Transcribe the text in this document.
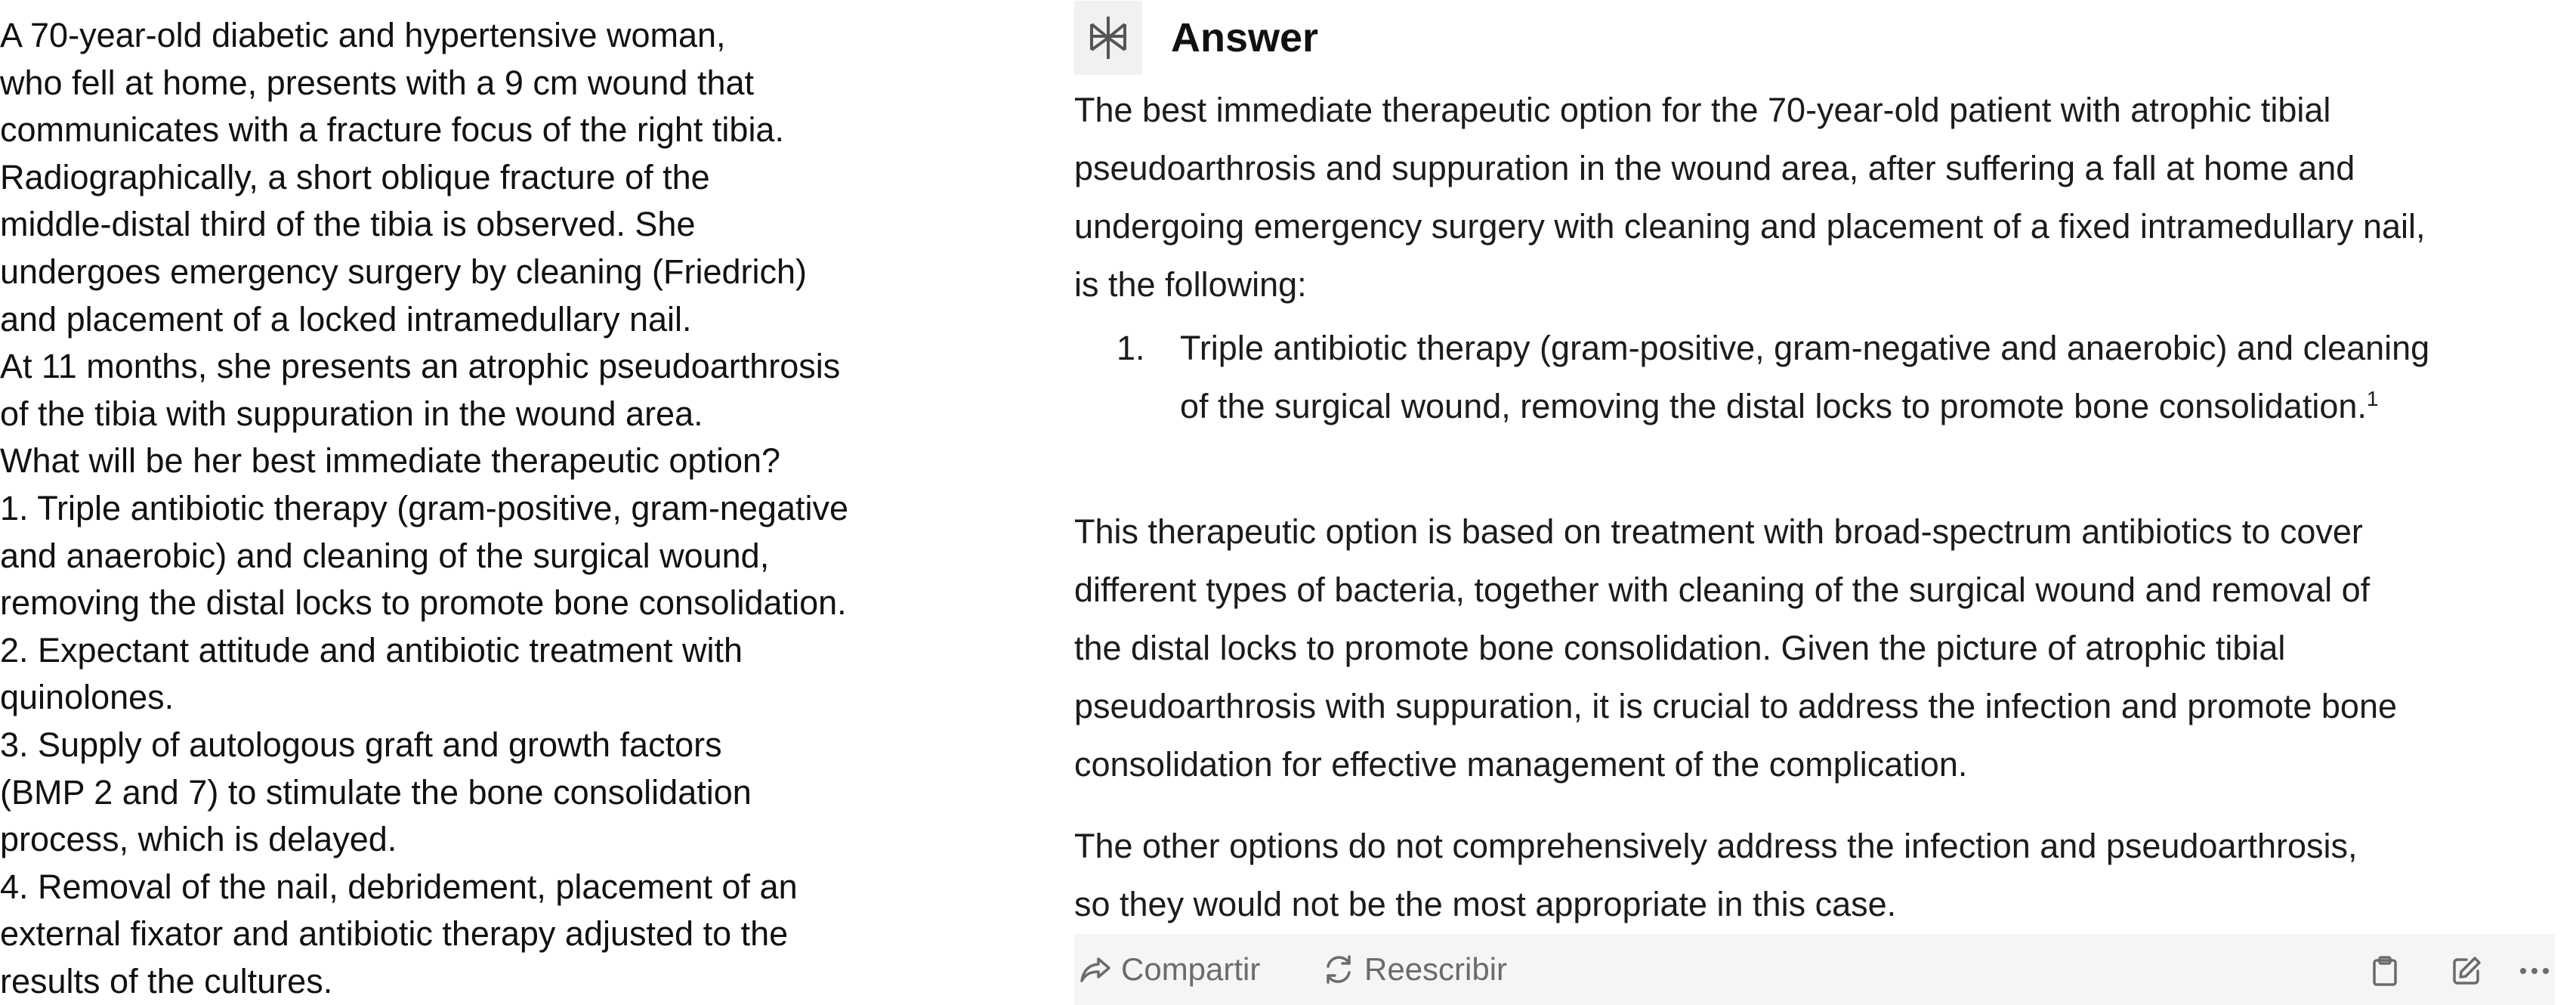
A 70-year-old diabetic and hypertensive woman,
who fell at home, presents with a 9 cm wound that
communicates with a fracture focus of the right tibia.
Radiographically, a short oblique fracture of the
middle-distal third of the tibia is observed. She
undergoes emergency surgery by cleaning (Friedrich)
and placement of a locked intramedullary nail.
At 11 months, she presents an atrophic pseudoarthrosis
of the tibia with suppuration in the wound area.
What will be her best immediate therapeutic option?
1. Triple antibiotic therapy (gram-positive, gram-negative
and anaerobic) and cleaning of the surgical wound,
removing the distal locks to promote bone consolidation.
2. Expectant attitude and antibiotic treatment with
quinolones.
3. Supply of autologous graft and growth factors
(BMP 2 and 7) to stimulate the bone consolidation
process, which is delayed.
4. Removal of the nail, debridement, placement of an
external fixator and antibiotic therapy adjusted to the
results of the cultures.
Answer
The best immediate therapeutic option for the 70-year-old patient with atrophic tibial
pseudoarthrosis and suppuration in the wound area, after suffering a fall at home and
undergoing emergency surgery with cleaning and placement of a fixed intramedullary nail,
is the following:
1. Triple antibiotic therapy (gram-positive, gram-negative and anaerobic) and cleaning
of the surgical wound, removing the distal locks to promote bone consolidation.$^1$
This therapeutic option is based on treatment with broad-spectrum antibiotics to cover
different types of bacteria, together with cleaning of the surgical wound and removal of
the distal locks to promote bone consolidation. Given the picture of atrophic tibial
pseudoarthrosis with suppuration, it is crucial to address the infection and promote bone
consolidation for effective management of the complication.
The other options do not comprehensively address the infection and pseudoarthrosis,
so they would not be the most appropriate in this case.
Compartir	Reescribir
